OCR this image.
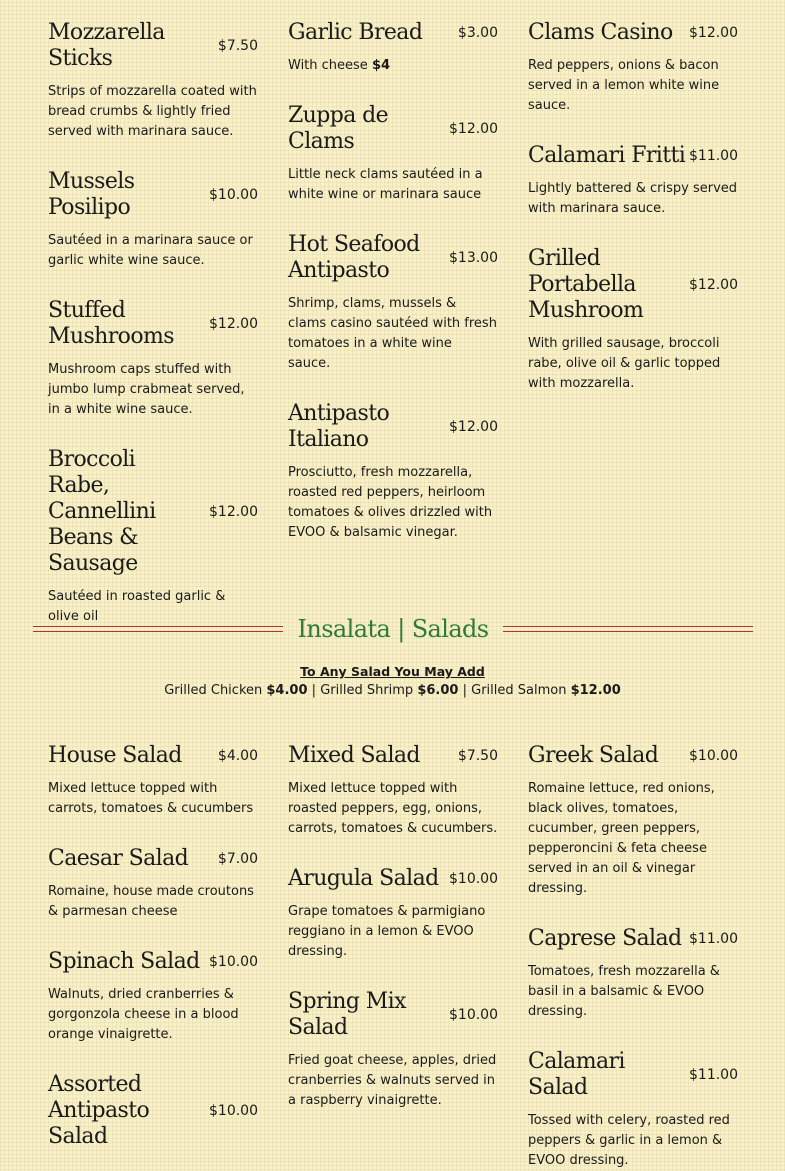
Mozzarella Sticks	$7.50
Strips of mozzarella coated with bread crumbs & lightly fried served with marinara sauce.
Mussels Posilipo	$10.00
Sautéed in a marinara sauce or garlic white wine sauce.
Stuffed Mushrooms	$12.00
Mushroom caps stuffed with jumbo lump crabmeat served, in a white wine sauce.
Broccoli Rabe, Cannellini Beans & Sausage
$12.00
Sautéed in roasted garlic & olive oil
Garlic Bread	$3.00
With cheese $4
Zuppa de Clams	$12.00
Little neck clams sautéed in a white wine or marinara sauce
Hot Seafood Antipasto	$13.00
Shrimp, clams, mussels & clams casino sautéed with fresh tomatoes in a white wine sauce.
Antipasto Italiano	$12.00
Prosciutto, fresh mozzarella, roasted red peppers, heirloom tomatoes & olives drizzled with EVOO & balsamic vinegar.
Clams Casino $12.00
Red peppers, onions & bacon served in a lemon white wine sauce.
Calamari Fritti $11.00
Lightly battered & crispy served with marinara sauce.
Grilled Portabella Mushroom
$12.00
With grilled sausage, broccoli rabe, olive oil & garlic topped with mozzarella.
Insalata | Salads
To Any Salad You May Add
Grilled Chicken $4.00 | Grilled Shrimp $6.00 | Grilled Salmon $12.00
House Salad	$4.00
Mixed lettuce topped with carrots, tomatoes & cucumbers
Caesar Salad $7.00
Romaine, house made croutons & parmesan cheese
Spinach Salad $10.00
Walnuts, dried cranberries & gorgonzola cheese in a blood orange vinaigrette.
Assorted Antipasto Salad
$10.00
Mixed Salad	$7.50
Mixed lettuce topped with roasted peppers, egg, onions, carrots, tomatoes & cucumbers.
Arugula Salad $10.00
Grape tomatoes & parmigiano reggiano in a lemon & EVOO dressing.
Spring Mix Salad	$10.00
Fried goat cheese, apples, dried cranberries & walnuts served in a raspberry vinaigrette.
Greek Salad $10.00
Romaine lettuce, red onions, black olives, tomatoes, cucumber, green peppers, pepperoncini & feta cheese served in an oil & vinegar dressing.
Caprese Salad $11.00
Tomatoes, fresh mozzarella & basil in a balsamic & EVOO dressing.
Calamari Salad	$11.00
Tossed with celery, roasted red peppers & garlic in a lemon & EVOO dressing.
